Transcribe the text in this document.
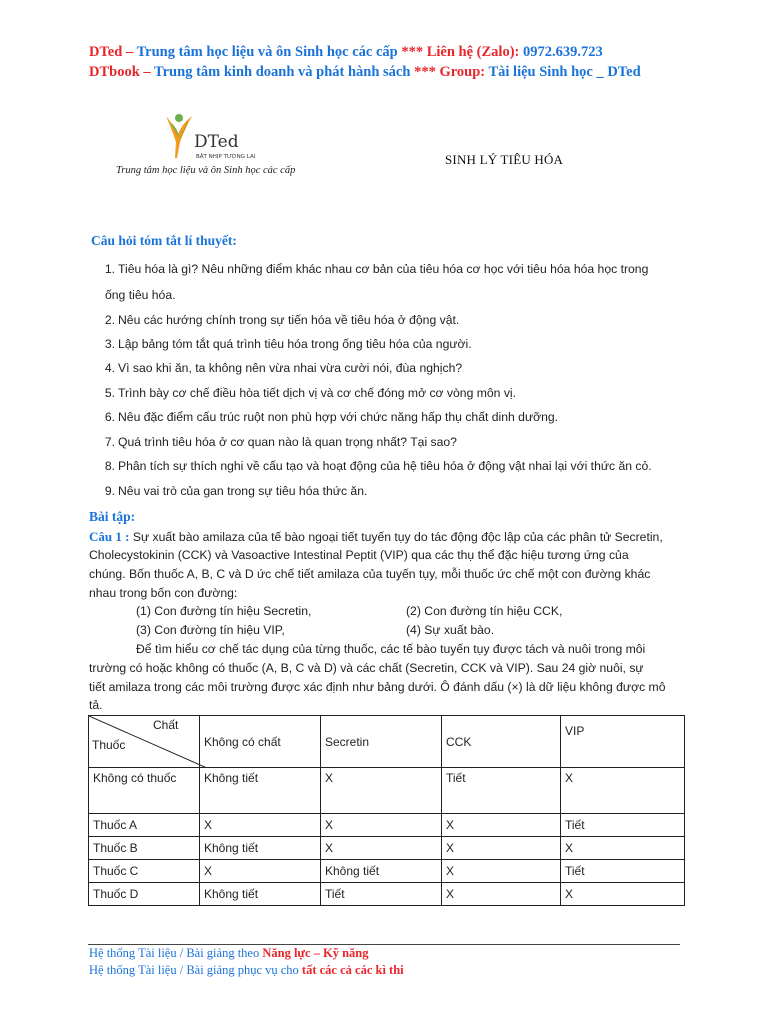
DTed – Trung tâm học liệu và ôn Sinh học các cấp *** Liên hệ (Zalo): 0972.639.723
DTbook – Trung tâm kinh doanh và phát hành sách *** Group: Tài liệu Sinh học _ DTed
DTed
BẬT NHỊP TƯƠNG LAI
Trung tâm học liệu và ôn Sinh học các cấp
SINH LÝ TIÊU HÓA
Câu hỏi tóm tắt lí thuyết:
1. Tiêu hóa là gì? Nêu những điểm khác nhau cơ bản của tiêu hóa cơ học với tiêu hóa hóa học trong
ống tiêu hóa.
2. Nêu các hướng chính trong sự tiến hóa về tiêu hóa ở động vật.
3. Lập bảng tóm tắt quá trình tiêu hóa trong ống tiêu hóa của người.
4. Vì sao khi ăn, ta không nên vừa nhai vừa cười nói, đùa nghịch?
5. Trình bày cơ chế điều hòa tiết dịch vị và cơ chế đóng mở cơ vòng môn vị.
6. Nêu đặc điểm cấu trúc ruột non phù hợp với chức năng hấp thụ chất dinh dưỡng.
7. Quá trình tiêu hóa ở cơ quan nào là quan trọng nhất? Tại sao?
8. Phân tích sự thích nghi về cấu tạo và hoạt động của hệ tiêu hóa ở động vật nhai lại với thức ăn cỏ.
9. Nêu vai trò của gan trong sự tiêu hóa thức ăn.
Bài tập:
Câu 1 : Sự xuất bào amilaza của tế bào ngoại tiết tuyến tụy do tác động độc lập của các phân tử Secretin,
Cholecystokinin (CCK) và Vasoactive Intestinal Peptit (VIP) qua các thụ thể đặc hiệu tương ứng của
chúng. Bốn thuốc A, B, C và D ức chế tiết amilaza của tuyến tụy, mỗi thuốc ức chế một con đường khác
nhau trong bốn con đường:
(1) Con đường tín hiệu Secretin,	(2) Con đường tín hiệu CCK,
(3) Con đường tín hiệu VIP,	(4) Sự xuất bào.
Để tìm hiểu cơ chế tác dụng của từng thuốc, các tế bào tuyến tụy được tách và nuôi trong môi
trường có hoặc không có thuốc (A, B, C và D) và các chất (Secretin, CCK và VIP). Sau 24 giờ nuôi, sự
tiết amilaza trong các môi trường được xác định như bảng dưới. Ô đánh dấu (×) là dữ liệu không được mô
tả.
Chất
Thuốc	Không có chất	Secretin	CCK	VIP
Không có thuốc	Không tiết	X	Tiết	X
Thuốc A	X	X	X	Tiết
Thuốc B	Không tiết	X	X	X
Thuốc C	X	Không tiết	X	Tiết
Thuốc D	Không tiết	Tiết	X	X
Hệ thống Tài liệu / Bài giảng theo Năng lực – Kỹ năng
Hệ thống Tài liệu / Bài giảng phục vụ cho tất các cả các kì thi
